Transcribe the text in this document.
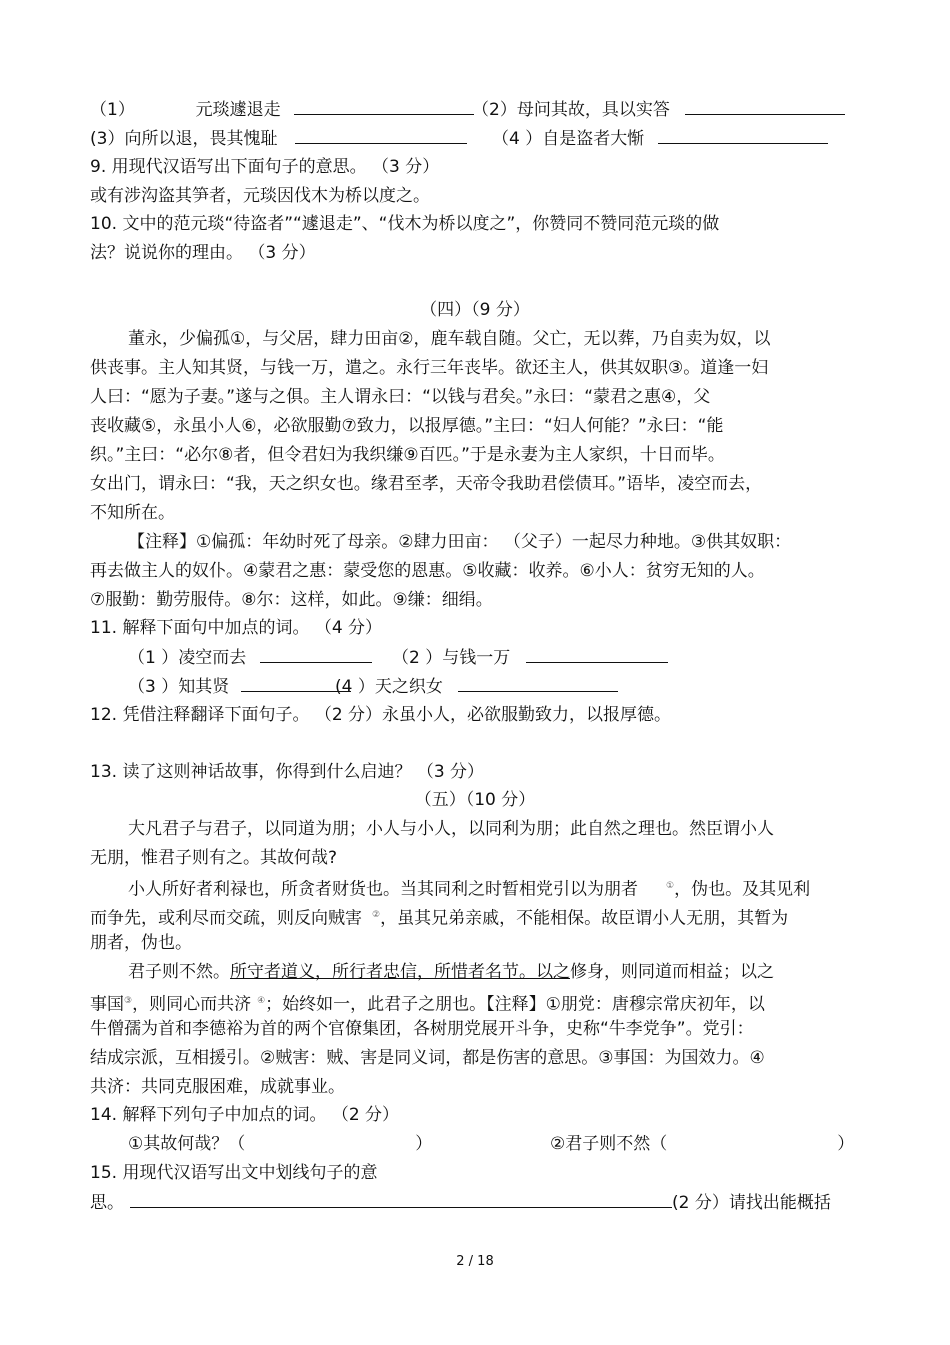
（1）	元琰遽退走	（2）母问其故，具以实答
(3）向所以退，畏其愧耻	（4 ）自是盗者大惭
9. 用现代汉语写出下面句子的意思。 （3 分）
或有涉沟盗其笋者，元琰因伐木为桥以度之。
10. 文中的范元琰“待盗者”“遽退走”、“伐木为桥以度之”，你赞同不赞同范元琰的做
法？说说你的理由。 （3 分）
（四）（9 分）
董永，少偏孤①，与父居，肆力田亩②，鹿车载自随。父亡，无以葬，乃自卖为奴，以
供丧事。主人知其贤，与钱一万，遣之。永行三年丧毕。欲还主人，供其奴职③。道逢一妇
人曰：“愿为子妻。”遂与之俱。主人谓永曰：“以钱与君矣。”永曰：“蒙君之惠④，父
丧收藏⑤，永虽小人⑥，必欲服勤⑦致力，以报厚德。”主曰：“妇人何能？”永曰：“能
织。”主曰：“必尔⑧者，但令君妇为我织缣⑨百匹。”于是永妻为主人家织，十日而毕。
女出门，谓永曰：“我，天之织女也。缘君至孝，天帝令我助君偿债耳。”语毕，凌空而去，
不知所在。
【注释】①偏孤：年幼时死了母亲。②肆力田亩： （父子）一起尽力种地。③供其奴职：
再去做主人的奴仆。④蒙君之惠：蒙受您的恩惠。⑤收藏：收养。⑥小人：贫穷无知的人。
⑦服勤：勤劳服侍。⑧尔：这样，如此。⑨缣：细绢。
11. 解释下面句中加点的词。 （4 分）
（1 ）凌空而去	（2 ）与钱一万
（3 ）知其贤	(4 ）天之织女
12. 凭借注释翻译下面句子。 （2 分）永虽小人，必欲服勤致力，以报厚德。
13. 读了这则神话故事，你得到什么启迪？ （3 分）
（五）（10 分）
大凡君子与君子，以同道为朋；小人与小人，以同利为朋；此自然之理也。然臣谓小人
无朋，惟君子则有之。其故何哉?
小人所好者利禄也，所贪者财货也。当其同利之时暂相党引以为朋者	①，伪也。及其见利
而争先，或利尽而交疏，则反向贼害 ②，虽其兄弟亲戚，不能相保。故臣谓小人无朋，其暂为
朋者，伪也。
君子则不然。所守者道义，所行者忠信，所惜者名节。以之修身，则同道而相益；以之
事国③，则同心而共济 ④；始终如一，此君子之朋也。【注释】①朋党：唐穆宗常庆初年，以
牛僧孺为首和李德裕为首的两个官僚集团，各树朋党展开斗争，史称“牛李党争”。党引：
结成宗派，互相援引。②贼害：贼、害是同义词，都是伤害的意思。③事国：为国效力。④
共济：共同克服困难，成就事业。
14. 解释下列句子中加点的词。 （2 分）
①其故何哉？（	）	②君子则不然（	）
15. 用现代汉语写出文中划线句子的意
思。	(2 分）请找出能概括
2 / 18
